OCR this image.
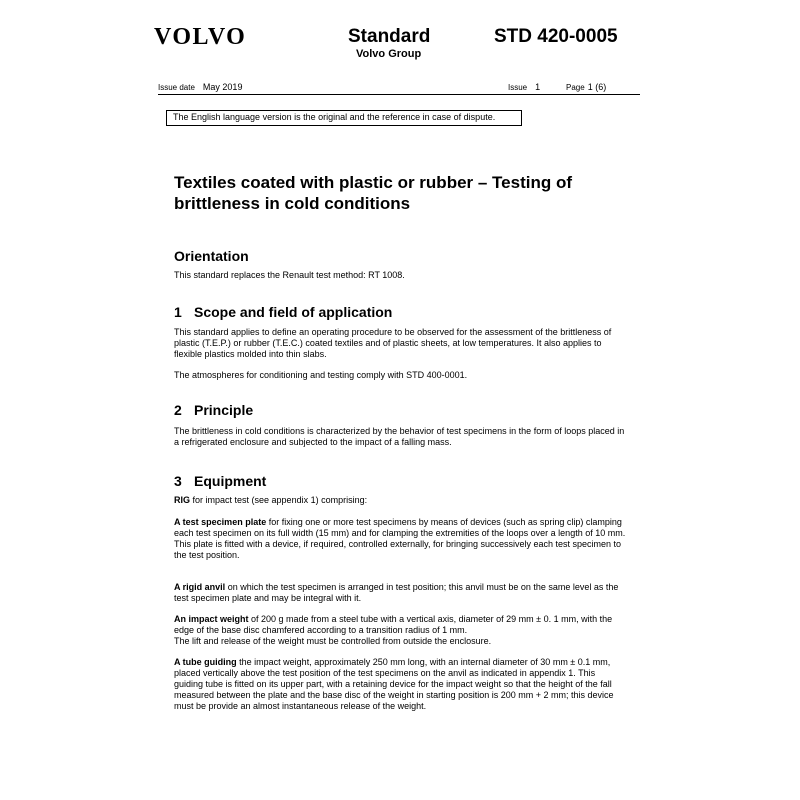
VOLVO	Standard
Volvo Group
STD 420-0005
Issue date May 2019	Issue 1	Page 1 (6)
The English language version is the original and the reference in case of dispute.
Textiles coated with plastic or rubber – Testing of brittleness in cold conditions
Orientation
This standard replaces the Renault test method: RT 1008.
1 Scope and field of application
This standard applies to define an operating procedure to be observed for the assessment of the brittleness of plastic (T.E.P.) or rubber (T.E.C.) coated textiles and of plastic sheets, at low temperatures. It also applies to flexible plastics molded into thin slabs.
The atmospheres for conditioning and testing comply with STD 400-0001.
2 Principle
The brittleness in cold conditions is characterized by the behavior of test specimens in the form of loops placed in a refrigerated enclosure and subjected to the impact of a falling mass.
3 Equipment
RIG for impact test (see appendix 1) comprising:
A test specimen plate for fixing one or more test specimens by means of devices (such as spring clip) clamping each test specimen on its full width (15 mm) and for clamping the extremities of the loops over a length of 10 mm.
This plate is fitted with a device, if required, controlled externally, for bringing successively each test specimen to the test position.
A rigid anvil on which the test specimen is arranged in test position; this anvil must be on the same level as the test specimen plate and may be integral with it.
An impact weight of 200 g made from a steel tube with a vertical axis, diameter of 29 mm ± 0. 1 mm, with the edge of the base disc chamfered according to a transition radius of 1 mm.
The lift and release of the weight must be controlled from outside the enclosure.
A tube guiding the impact weight, approximately 250 mm long, with an internal diameter of 30 mm ± 0.1 mm, placed vertically above the test position of the test specimens on the anvil as indicated in appendix 1. This guiding tube is fitted on its upper part, with a retaining device for the impact weight so that the height of the fall measured between the plate and the base disc of the weight in starting position is 200 mm + 2 mm; this device must be provide an almost instantaneous release of the weight.
